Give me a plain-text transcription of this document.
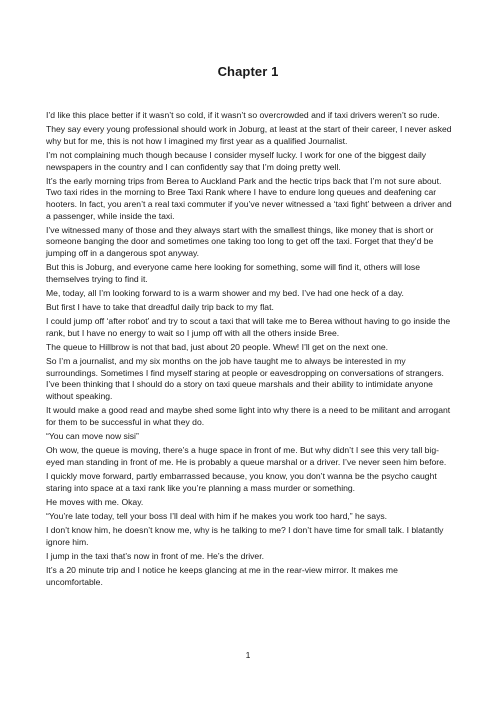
Chapter 1

I’d like this place better if it wasn’t so cold, if it wasn’t so overcrowded and if taxi drivers weren’t so rude.

They say every young professional should work in Joburg, at least at the start of their career, I never asked why but for me, this is not how I imagined my first year as a qualified Journalist.

I’m not complaining much though because I consider myself lucky. I work for one of the biggest daily newspapers in the country and I can confidently say that I’m doing pretty well.

It’s the early morning trips from Berea to Auckland Park and the hectic trips back that I’m not sure about. Two taxi rides in the morning to Bree Taxi Rank where I have to endure long queues and deafening car hooters. In fact, you aren’t a real taxi commuter if you’ve never witnessed a ‘taxi fight’ between a driver and a passenger, while inside the taxi.

I’ve witnessed many of those and they always start with the smallest things, like money that is short or someone banging the door and sometimes one taking too long to get off the taxi. Forget that they’d be jumping off in a dangerous spot anyway.

But this is Joburg, and everyone came here looking for something, some will find it, others will lose themselves trying to find it.

Me, today, all I’m looking forward to is a warm shower and my bed. I’ve had one heck of a day.

But first I have to take that dreadful daily trip back to my flat.

I could jump off ‘after robot’ and try to scout a taxi that will take me to Berea without having to go inside the rank, but I have no energy to wait so I jump off with all the others inside Bree.

The queue to Hillbrow is not that bad, just about 20 people. Whew! I’ll get on the next one.

So I’m a journalist, and my six months on the job have taught me to always be interested in my surroundings. Sometimes I find myself staring at people or eavesdropping on conversations of strangers. I’ve been thinking that I should do a story on taxi queue marshals and their ability to intimidate anyone without speaking.

It would make a good read and maybe shed some light into why there is a need to be militant and arrogant for them to be successful in what they do.

“You can move now sisi”

Oh wow, the queue is moving, there’s a huge space in front of me. But why didn’t I see this very tall big-eyed man standing in front of me. He is probably a queue marshal or a driver. I’ve never seen him before.

I quickly move forward, partly embarrassed because, you know, you don’t wanna be the psycho caught staring into space at a taxi rank like you’re planning a mass murder or something.

He moves with me. Okay.

“You’re late today, tell your boss I’ll deal with him if he makes you work too hard,” he says.

I don’t know him, he doesn’t know me, why is he talking to me? I don’t have time for small talk. I blatantly ignore him.

I jump in the taxi that’s now in front of me. He’s the driver.

It’s a 20 minute trip and I notice he keeps glancing at me in the rear-view mirror. It makes me uncomfortable.

1
